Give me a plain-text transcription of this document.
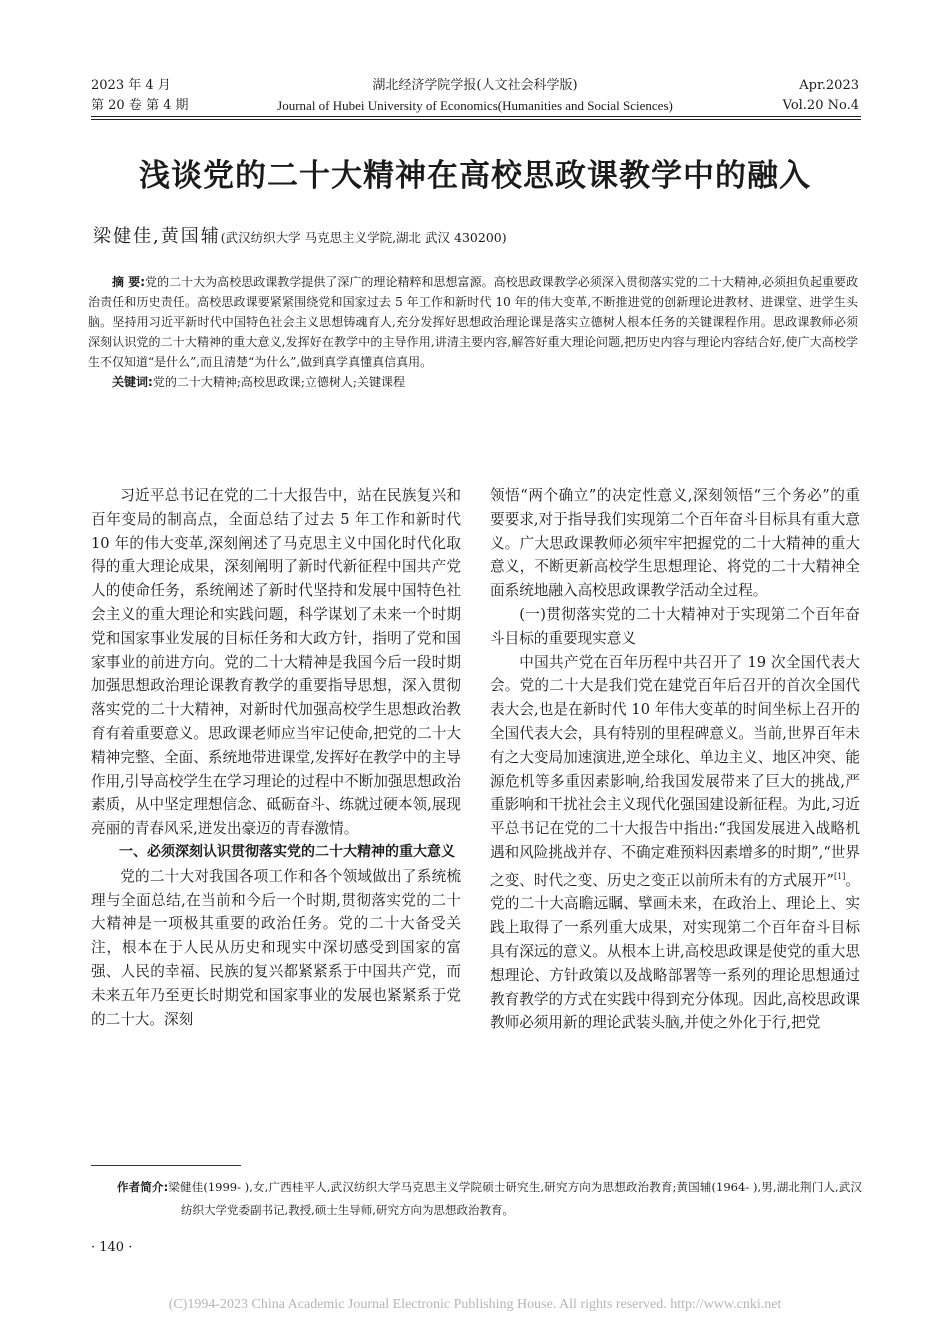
2023 年 4 月	湖北经济学院学报(人文社会科学版)	Apr.2023
第 20 卷 第 4 期	Journal of Hubei University of Economics(Humanities and Social Sciences)	Vol.20 No.4
浅谈党的二十大精神在高校思政课教学中的融入
梁健佳,黄国辅(武汉纺织大学 马克思主义学院,湖北 武汉 430200)

摘 要:党的二十大为高校思政课教学提供了深广的理论精粹和思想富源。高校思政课教学必须深入贯彻落实党的二十大精神,必须担负起重要政治责任和历史责任。高校思政课要紧紧围绕党和国家过去 5 年工作和新时代 10 年的伟大变革,不断推进党的创新理论进教材、进课堂、进学生头脑。坚持用习近平新时代中国特色社会主义思想铸魂育人,充分发挥好思想政治理论课是落实立德树人根本任务的关键课程作用。思政课教师必须深刻认识党的二十大精神的重大意义,发挥好在教学中的主导作用,讲清主要内容,解答好重大理论问题,把历史内容与理论内容结合好,使广大高校学生不仅知道“是什么”,而且清楚“为什么”,做到真学真懂真信真用。

关键词:党的二十大精神;高校思政课;立德树人;关键课程

习近平总书记在党的二十大报告中，站在民族复兴和百年变局的制高点，全面总结了过去 5 年工作和新时代 10 年的伟大变革,深刻阐述了马克思主义中国化时代化取得的重大理论成果，深刻阐明了新时代新征程中国共产党人的使命任务，系统阐述了新时代坚持和发展中国特色社会主义的重大理论和实践问题，科学谋划了未来一个时期党和国家事业发展的目标任务和大政方针，指明了党和国家事业的前进方向。党的二十大精神是我国今后一段时期加强思想政治理论课教育教学的重要指导思想，深入贯彻落实党的二十大精神，对新时代加强高校学生思想政治教育有着重要意义。思政课老师应当牢记使命,把党的二十大精神完整、全面、系统地带进课堂,发挥好在教学中的主导作用,引导高校学生在学习理论的过程中不断加强思想政治素质，从中坚定理想信念、砥砺奋斗、练就过硬本领,展现亮丽的青春风采,迸发出豪迈的青春激情。

一、必须深刻认识贯彻落实党的二十大精神的重大意义

党的二十大对我国各项工作和各个领域做出了系统梳理与全面总结,在当前和今后一个时期,贯彻落实党的二十大精神是一项极其重要的政治任务。党的二十大备受关注，根本在于人民从历史和现实中深切感受到国家的富强、人民的幸福、民族的复兴都紧紧系于中国共产党，而未来五年乃至更长时期党和国家事业的发展也紧紧系于党的二十大。深刻

领悟“两个确立”的决定性意义,深刻领悟“三个务必”的重要要求,对于指导我们实现第二个百年奋斗目标具有重大意义。广大思政课教师必须牢牢把握党的二十大精神的重大意义，不断更新高校学生思想理论、将党的二十大精神全面系统地融入高校思政课教学活动全过程。

(一)贯彻落实党的二十大精神对于实现第二个百年奋斗目标的重要现实意义

中国共产党在百年历程中共召开了 19 次全国代表大会。党的二十大是我们党在建党百年后召开的首次全国代表大会,也是在新时代 10 年伟大变革的时间坐标上召开的全国代表大会，具有特别的里程碑意义。当前,世界百年未有之大变局加速演进,逆全球化、单边主义、地区冲突、能源危机等多重因素影响,给我国发展带来了巨大的挑战,严重影响和干扰社会主义现代化强国建设新征程。为此,习近平总书记在党的二十大报告中指出:“我国发展进入战略机遇和风险挑战并存、不确定难预料因素增多的时期”,“世界之变、时代之变、历史之变正以前所未有的方式展开”[1]。党的二十大高瞻远瞩、擘画未来，在政治上、理论上、实践上取得了一系列重大成果，对实现第二个百年奋斗目标具有深远的意义。从根本上讲,高校思政课是使党的重大思想理论、方针政策以及战略部署等一系列的理论思想通过教育教学的方式在实践中得到充分体现。因此,高校思政课教师必须用新的理论武装头脑,并使之外化于行,把党

作者简介:梁健佳(1999- ),女,广西桂平人,武汉纺织大学马克思主义学院硕士研究生,研究方向为思想政治教育;黄国辅(1964- ),男,湖北荆门人,武汉纺织大学党委副书记,教授,硕士生导师,研究方向为思想政治教育。

· 140 ·
(C)1994-2023 China Academic Journal Electronic Publishing House. All rights reserved. http://www.cnki.net
